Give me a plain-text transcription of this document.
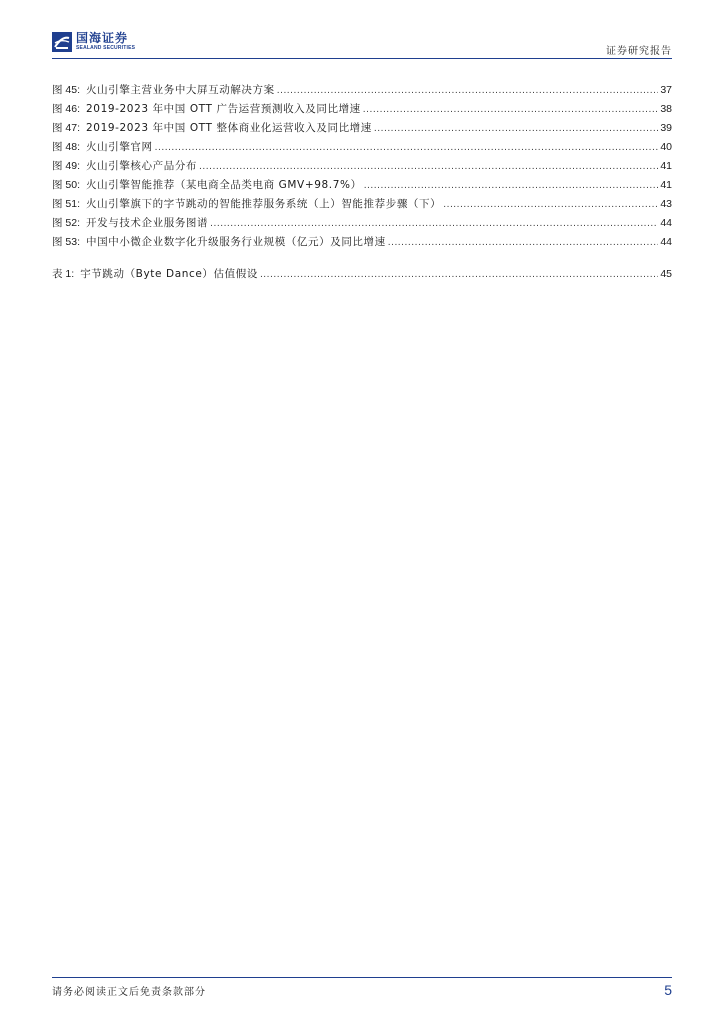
国海证券
SEALAND SECURITIES	证券研究报告
图 45: 火山引擎主营业务中大屏互动解决方案 .....	37
图 46: 2019-2023 年中国 OTT 广告运营预测收入及同比增速 .....	38
图 47: 2019-2023 年中国 OTT 整体商业化运营收入及同比增速 .....	39
图 48: 火山引擎官网 .....	40
图 49: 火山引擎核心产品分布 .....	41
图 50: 火山引擎智能推荐（某电商全品类电商 GMV+98.7%） .....	41
图 51: 火山引擎旗下的字节跳动的智能推荐服务系统（上）智能推荐步骤（下） .....	43
图 52: 开发与技术企业服务图谱 .....	44
图 53: 中国中小微企业数字化升级服务行业规模（亿元）及同比增速 .....	44
表 1: 宇节跳动（Byte Dance）估值假设 .....	45
请务必阅读正文后免责条款部分	5
